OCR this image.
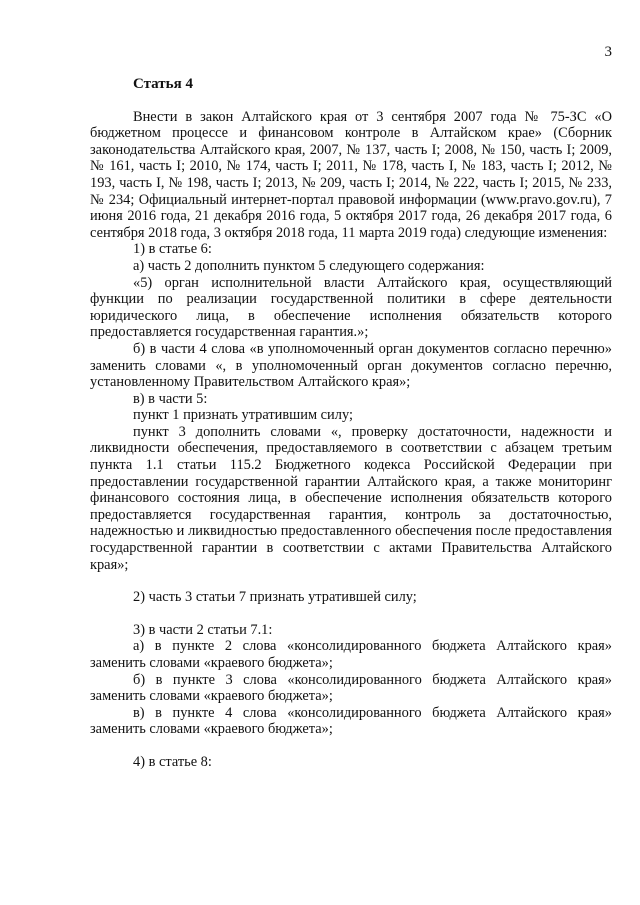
3

Статья 4

Внести в закон Алтайского края от 3 сентября 2007 года № 75-ЗС «О бюджетном процессе и финансовом контроле в Алтайском крае» (Сборник законодательства Алтайского края, 2007, № 137, часть I; 2008, № 150, часть I; 2009, № 161, часть I; 2010, № 174, часть I; 2011, № 178, часть I, № 183, часть I; 2012, № 193, часть I, № 198, часть I; 2013, № 209, часть I; 2014, № 222, часть I; 2015, № 233, № 234; Официальный интернет-портал правовой информации (www.pravo.gov.ru), 7 июня 2016 года, 21 декабря 2016 года, 5 октября 2017 года, 26 декабря 2017 года, 6 сентября 2018 года, 3 октября 2018 года, 11 марта 2019 года) следующие изменения:

1) в статье 6:

а) часть 2 дополнить пунктом 5 следующего содержания:

«5) орган исполнительной власти Алтайского края, осуществляющий функции по реализации государственной политики в сфере деятельности юридического лица, в обеспечение исполнения обязательств которого предоставляется государственная гарантия.»;

б) в части 4 слова «в уполномоченный орган документов согласно перечню» заменить словами «, в уполномоченный орган документов согласно перечню, установленному Правительством Алтайского края»;

в) в части 5:

пункт 1 признать утратившим силу;

пункт 3 дополнить словами «, проверку достаточности, надежности и ликвидности обеспечения, предоставляемого в соответствии с абзацем третьим пункта 1.1 статьи 115.2 Бюджетного кодекса Российской Федерации при предоставлении государственной гарантии Алтайского края, а также мониторинг финансового состояния лица, в обеспечение исполнения обязательств которого предоставляется государственная гарантия, контроль за достаточностью, надежностью и ликвидностью предоставленного обеспечения после предоставления государственной гарантии в соответствии с актами Правительства Алтайского края»;

2) часть 3 статьи 7 признать утратившей силу;

3) в части 2 статьи 7.1:

а) в пункте 2 слова «консолидированного бюджета Алтайского края» заменить словами «краевого бюджета»;

б) в пункте 3 слова «консолидированного бюджета Алтайского края» заменить словами «краевого бюджета»;

в) в пункте 4 слова «консолидированного бюджета Алтайского края» заменить словами «краевого бюджета»;

4) в статье 8:
